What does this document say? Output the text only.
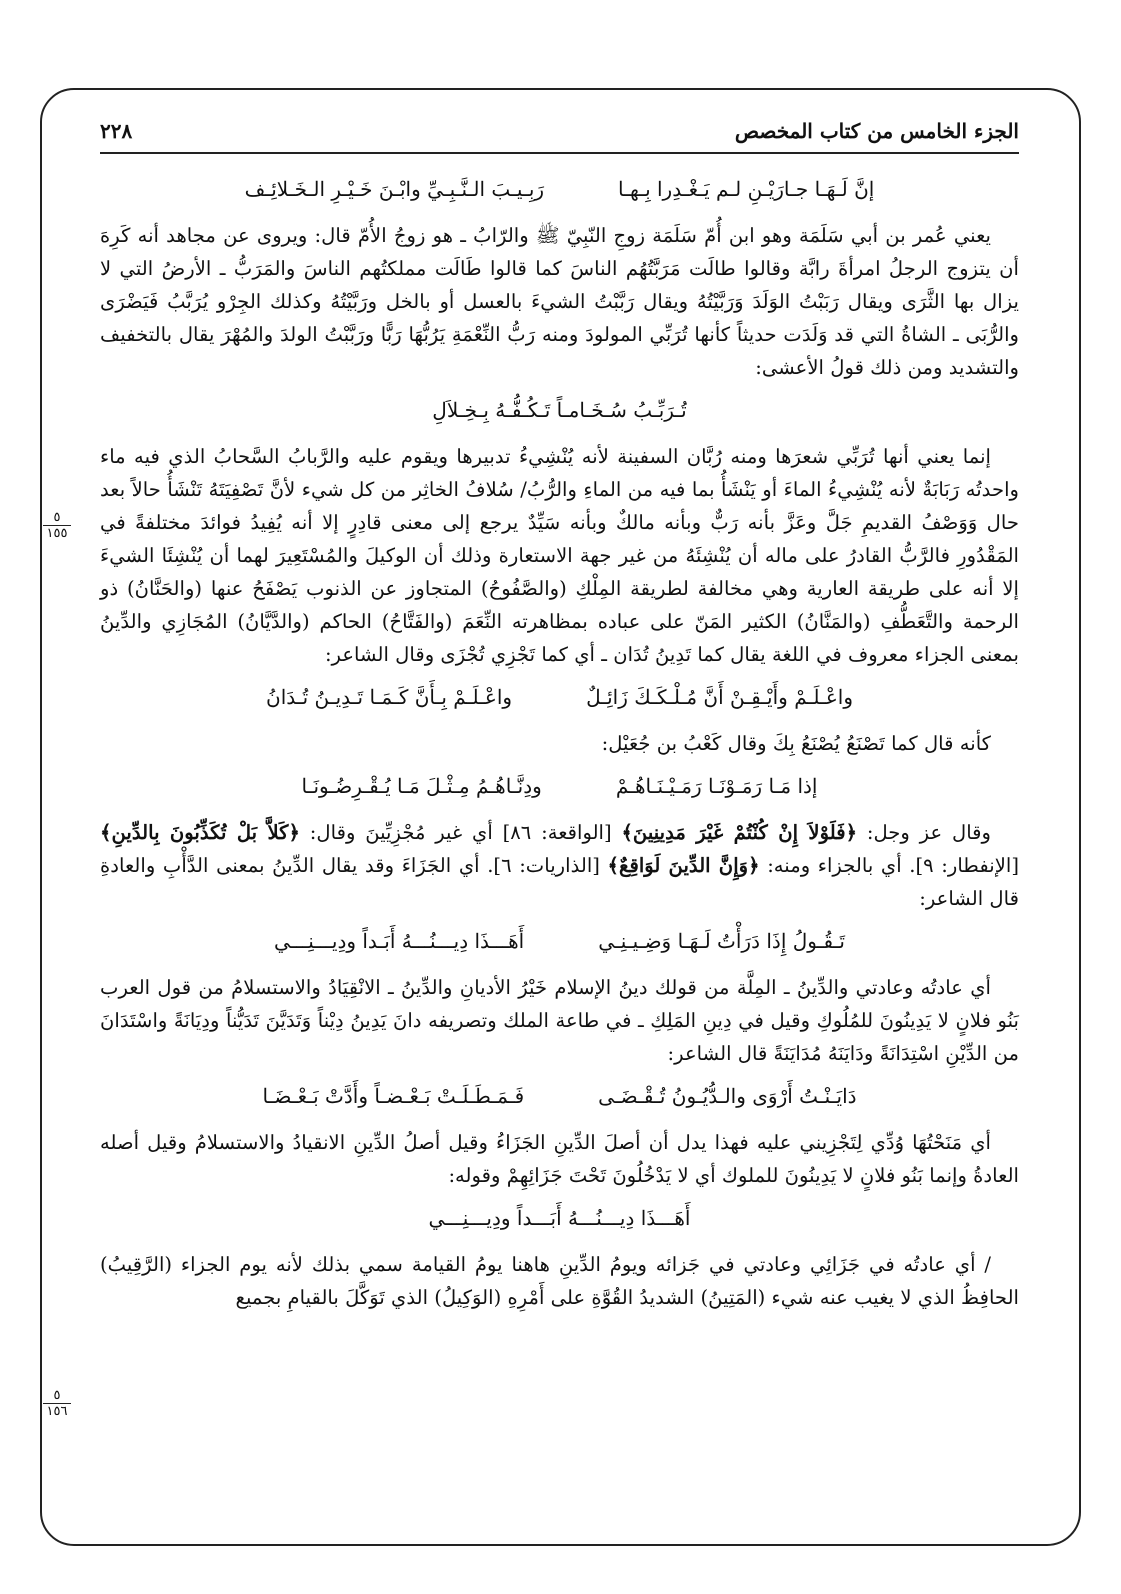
الجزء الخامس من كتاب المخصص
٢٢٨
٥
١٥٥
٥
١٥٦
إنَّ لَـهَـا جـارَيْـنِ لـم يَـغْـدِرا بِـهـا
رَبِـيـبَ الـنَّـبِـيِّ وابْـنَ خَـيْـرِ الـخَـلائِـف

يعني عُمر بن أبي سَلَمَة وهو ابن أُمّ سَلَمَة زوجِ النّبِيّ ﷺ والرّابُ ـ هو زوجُ الأُمّ قال: ويروى عن مجاهد أنه كَرِهَ أن يتزوج الرجلُ امرأةَ رابَّة وقالوا طالَت مَرَبَّتُهُم الناسَ كما قالوا طَالَت مملكتُهم الناسَ والمَرَبُّ ـ الأرضُ التي لا يزال بها الثَّرَى ويقال رَبَبْتُ الوَلَدَ وَرَبَّيْتُهُ ويقال رَبَّبْتُ الشيءَ بالعسل أو بالخل ورَبَّيْتُهُ وكذلك الجِرْو يُرَبَّبُ فَيَضْرَى والرُّبَى ـ الشاةُ التي قد وَلَدَت حديثاً كأنها تُرَبِّي المولودَ ومنه رَبُّ النِّعْمَةِ يَرُبُّهَا رَبًّا ورَبَّبْتُ الولدَ والمُهْرَ يقال بالتخفيف والتشديد ومن ذلك قولُ الأعشى:

تُـرَبِّـبُ سُـخَـامـاً تَـكُـفُّـهُ بِـخِـلاَلِ

إنما يعني أنها تُرَبِّي شعرَها ومنه رُبَّان السفينة لأنه يُنْشِيءُ تدبيرها ويقوم عليه والرَّبابُ السَّحابُ الذي فيه ماء واحدتُه رَبَابَةٌ لأنه يُنْشِيءُ الماءَ أو يَنْشَأُ بما فيه من الماءِ والرُّبُ/ سُلافُ الخاثِر من كل شيء لأنَّ تَصْفِيَتَهُ تَنْشَأُ حالاً بعد حال وَوَصْفُ القديمِ جَلَّ وعَزَّ بأنه رَبٌّ وبأنه مالكٌ وبأنه سَيِّدٌ يرجع إلى معنى قادِرٍ إلا أنه يُفِيدُ فوائدَ مختلفةً في المَقْدُورِ فالرَّبُّ القادرُ على ماله أن يُنْشِئَهُ من غير جهة الاستعارة وذلك أن الوكيلَ والمُسْتَعِيرَ لهما أن يُنْشِئَا الشيءَ إلا أنه على طريقة العارية وهي مخالفة لطريقة المِلْكِ (والصَّفُوحُ) المتجاوز عن الذنوب يَصْفَحُ عنها (والحَنَّانُ) ذو الرحمة والتَّعَطُّفِ (والمَنَّانُ) الكثير المَنّ على عباده بمظاهرته النِّعَمَ (والفَتَّاحُ) الحاكم (والدَّيَّانُ) المُجَازِي والدِّينُ بمعنى الجزاء معروف في اللغة يقال كما تَدِينُ تُدَان ـ أي كما تَجْزِي تُجْزَى وقال الشاعر:

واعْـلَـمْ وأَيْـقِـنْ أَنَّ مُـلْـكَـكَ زَائِـلٌ
واعْـلَـمْ بِـأَنَّ كَـمَـا تَـدِيـنُ تُـدَانُ

كأنه قال كما تَصْنَعُ يُصْنَعُ بِكَ وقال كَعْبُ بن جُعَيْل:

إذا مَـا رَمَـوْنَـا رَمَـيْـنَـاهُـمْ
ودِنَّـاهُـمُ مِـثْـلَ مَـا يُـقْـرِضُـونَـا

وقال عز وجل: ﴿فَلَوْلاَ إِنْ كُنْتُمْ غَيْرَ مَدِينِينَ﴾ [الواقعة: ٨٦] أي غير مُجْزِيِّينَ وقال: ﴿كَلاَّ بَلْ تُكَذِّبُونَ بِالدِّينِ﴾ [الإنفطار: ٩]. أي بالجزاء ومنه: ﴿وَإِنَّ الدِّينَ لَوَاقِعٌ﴾ [الذاريات: ٦]. أي الجَزَاءَ وقد يقال الدِّينُ بمعنى الدَّأْبِ والعادةِ قال الشاعر:

تَـقُـولُ إِذَا دَرَأْتُ لَـهَـا وَضِـيـنِـي
أَهَـــذَا دِيـــنُـــهُ أَبَـداً ودِيـــنِـــي

أي عادتُه وعادتي والدِّينُ ـ المِلَّة من قولك دينُ الإسلام خَيْرُ الأديانِ والدِّينُ ـ الانْقِيَادُ والاستسلامُ من قول العرب بَنُو فلانٍ لا يَدِينُونَ للمُلُوكِ وقيل في دِينِ المَلِكِ ـ في طاعة الملك وتصريفه دانَ يَدِينُ دِيْناً وَتَدَيَّنَ تَدَيُّناً ودِيَانَةً واسْتَدَانَ من الدِّيْنِ اسْتِدَانَةً ودَايَنَهُ مُدَايَنَةً قال الشاعر:

دَايَـنْـتُ أَرْوَى والـدُّيُـونُ تُـقْـضَـى
فَـمَـطَـلَـتْ بَـعْـضـاً وأَدَّتْ بَـعْـضَـا

أي مَنَحْتُهَا وُدِّي لِتَجْزِيني عليه فهذا يدل أن أصلَ الدِّينِ الجَزَاءُ وقيل أصلُ الدِّينِ الانقيادُ والاستسلامُ وقيل أصله العادةُ وإنما بَنُو فلانٍ لا يَدِينُونَ للملوك أي لا يَدْخُلُونَ تَحْتَ جَزَائِهِمْ وقوله:

أَهَـــذَا دِيـــنُـــهُ أَبَـــداً ودِيـــنِـــي

/ أي عادتُه في جَزَائِي وعادتي في جَزائه ويومُ الدِّينِ هاهنا يومُ القيامة سمي بذلك لأنه يوم الجزاء (الرَّقِيبُ) الحافِظُ الذي لا يغيب عنه شيء (المَتِينُ) الشديدُ القُوَّةِ على أَمْرِهِ (الوَكِيلُ) الذي تَوَكَّلَ بالقيامِ بجميع
